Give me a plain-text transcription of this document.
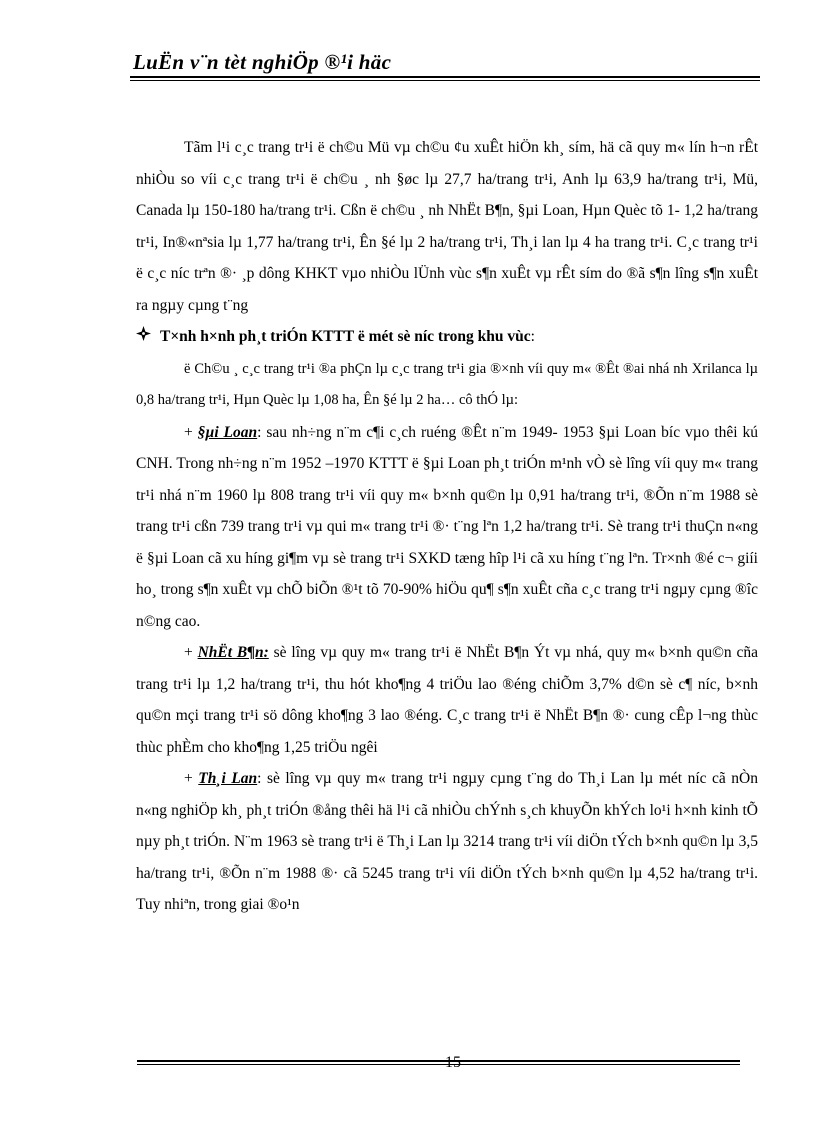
LuËn v¨n tèt nghiÖp ®¹i häc

Tãm l¹i c¸c trang tr¹i ë ch©u Mü vµ ch©u ¢u xuÊt hiÖn kh¸ sím, hä cã quy m« lín h¬n rÊt nhiÒu so víi c¸c trang tr¹i ë ch©u ¸ nh §øc lµ 27,7 ha/trang tr¹i, Anh lµ 63,9 ha/trang tr¹i, Mü, Canada lµ 150-180 ha/trang tr¹i. Cßn ë ch©u ¸ nh NhËt B¶n, §µi Loan, Hµn Quèc tõ 1- 1,2 ha/trang tr¹i, In®«nªsia lµ 1,77 ha/trang tr¹i, Ên §é lµ 2 ha/trang tr¹i, Th¸i lan lµ 4 ha trang tr¹i. C¸c trang tr¹i ë c¸c níc trªn ®· ¸p dông KHKT vµo nhiÒu lÜnh vùc s¶n xuÊt vµ rÊt sím do ®ã s¶n lîng s¶n xuÊt ra ngµy cµng t¨ng

T×nh h×nh ph¸t triÓn KTTT ë mét sè níc trong khu vùc:

ë Ch©u ¸ c¸c trang tr¹i ®a phÇn lµ c¸c trang tr¹i gia ®×nh víi quy m« ®Êt ®ai nhá nh Xrilanca lµ 0,8 ha/trang tr¹i, Hµn Quèc lµ 1,08 ha, Ên §é lµ 2 ha… cô thÓ lµ:

+ §µi Loan: sau nh÷ng n¨m c¶i c¸ch ruéng ®Êt n¨m 1949- 1953 §µi Loan bíc vµo thêi kú CNH. Trong nh÷ng n¨m 1952 –1970 KTTT ë §µi Loan ph¸t triÓn m¹nh vÒ sè lîng víi quy m« trang tr¹i nhá n¨m 1960 lµ 808 trang tr¹i víi quy m« b×nh qu©n lµ 0,91 ha/trang tr¹i, ®Õn n¨m 1988 sè trang tr¹i cßn 739 trang tr¹i vµ qui m« trang tr¹i ®· t¨ng lªn 1,2 ha/trang tr¹i. Sè trang tr¹i thuÇn n«ng ë §µi Loan cã xu híng gi¶m vµ sè trang tr¹i SXKD tæng hîp l¹i cã xu híng t¨ng lªn. Tr×nh ®é c¬ giíi ho¸ trong s¶n xuÊt vµ chÕ biÕn ®¹t tõ 70-90% hiÖu qu¶ s¶n xuÊt cña c¸c trang tr¹i ngµy cµng ®îc n©ng cao.

+ NhËt B¶n: sè lîng vµ quy m« trang tr¹i ë NhËt B¶n Ýt vµ nhá, quy m« b×nh qu©n cña trang tr¹i lµ 1,2 ha/trang tr¹i, thu hót kho¶ng 4 triÖu lao ®éng chiÕm 3,7% d©n sè c¶ níc, b×nh qu©n mçi trang tr¹i sö dông kho¶ng 3 lao ®éng. C¸c trang tr¹i ë NhËt B¶n ®· cung cÊp l¬ng thùc thùc phÈm cho kho¶ng 1,25 triÖu ngêi

+ Th¸i Lan: sè lîng vµ quy m« trang tr¹i ngµy cµng t¨ng do Th¸i Lan lµ mét níc cã nÒn n«ng nghiÖp kh¸ ph¸t triÓn ®ång thêi hä l¹i cã nhiÒu chÝnh s¸ch khuyÕn khÝch lo¹i h×nh kinh tÕ nµy ph¸t triÓn. N¨m 1963 sè trang tr¹i ë Th¸i Lan lµ 3214 trang tr¹i víi diÖn tÝch b×nh qu©n lµ 3,5 ha/trang tr¹i, ®Õn n¨m 1988 ®· cã 5245 trang tr¹i víi diÖn tÝch b×nh qu©n lµ 4,52 ha/trang tr¹i. Tuy nhiªn, trong giai ®o¹n

15
